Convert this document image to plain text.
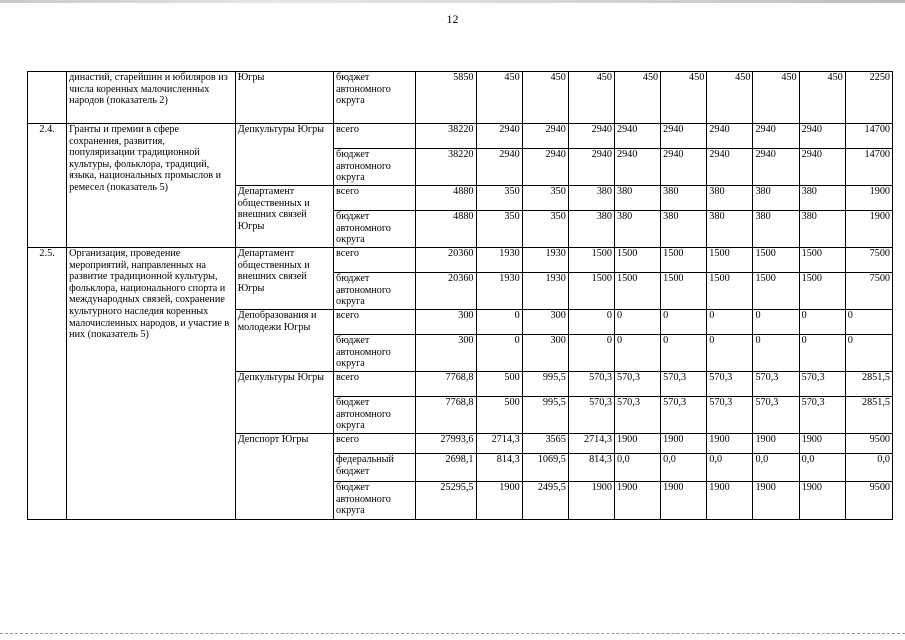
12
	династий, старейшин и юбиляров из числа коренных малочисленных народов (показатель 2)	Югры	бюджет автономного округа	5850	450	450	450	450	450	450	450	450	2250
2.4.	Гранты и премии в сфере сохранения, развития, популяризации традиционной культуры, фольклора, традиций, языка, национальных промыслов и ремесел (показатель 5)	Депкультуры Югры	всего	38220	2940	2940	2940	2940	2940	2940	2940	2940	14700
			бюджет автономного округа	38220	2940	2940	2940	2940	2940	2940	2940	2940	14700
		Департамент общественных и внешних связей Югры	всего	4880	350	350	380	380	380	380	380	380	1900
			бюджет автономного округа	4880	350	350	380	380	380	380	380	380	1900
2.5.	Организация, проведение мероприятий, направленных на развитие традиционной культуры, фольклора, национального спорта и международных связей, сохранение культурного наследия коренных малочисленных народов, и участие в них (показатель 5)	Департамент общественных и внешних связей Югры	всего	20360	1930	1930	1500	1500	1500	1500	1500	1500	7500
			бюджет автономного округа	20360	1930	1930	1500	1500	1500	1500	1500	1500	7500
		Депобразования и молодежи Югры	всего	300	0	300	0	0	0	0	0	0	0
			бюджет автономного округа	300	0	300	0	0	0	0	0	0	0
		Депкультуры Югры	всего	7768,8	500	995,5	570,3	570,3	570,3	570,3	570,3	570,3	2851,5
			бюджет автономного округа	7768,8	500	995,5	570,3	570,3	570,3	570,3	570,3	570,3	2851,5
		Депспорт Югры	всего	27993,6	2714,3	3565	2714,3	1900	1900	1900	1900	1900	9500
			федеральный бюджет	2698,1	814,3	1069,5	814,3	0,0	0,0	0,0	0,0	0,0	0,0
			бюджет автономного округа	25295,5	1900	2495,5	1900	1900	1900	1900	1900	1900	9500
